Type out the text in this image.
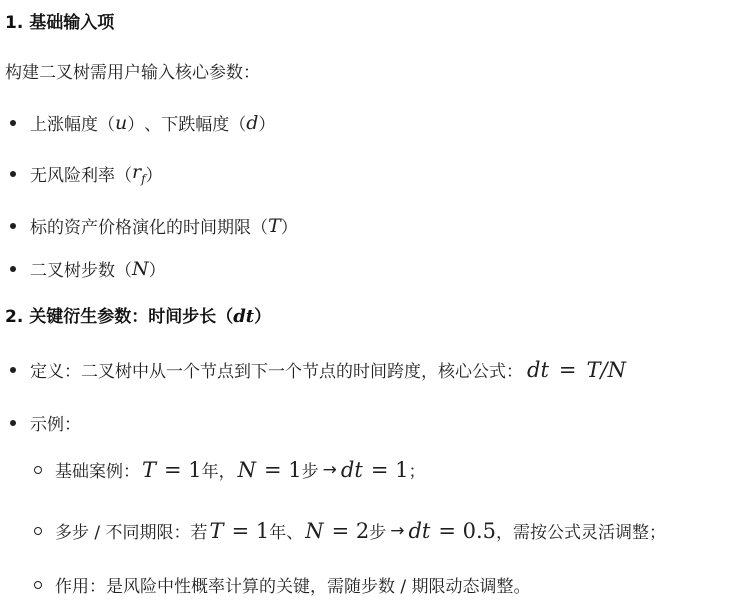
1. 基础输入项
构建二叉树需用户输入核心参数：
上涨幅度（ u ） 、 下跌幅度（ d ）
无风险利率（ $r_f$ ）
标的资产价格演化的时间期限（ T ）
二叉树步数（ N ）
2. 关键衍生参数：时间步长（dt）
定义：二叉树中从一个节点到下一个节点的时间跨度，核心公式： dt = T/N
示例：
基础案例： T = 1 年， N = 1 步 → dt = 1 ；
多步 / 不同期限：若 T = 1 年、 N = 2 步 → dt = 0.5 ，需按公式灵活调整；
作用：是风险中性概率计算的关键，需随步数 / 期限动态调整。
